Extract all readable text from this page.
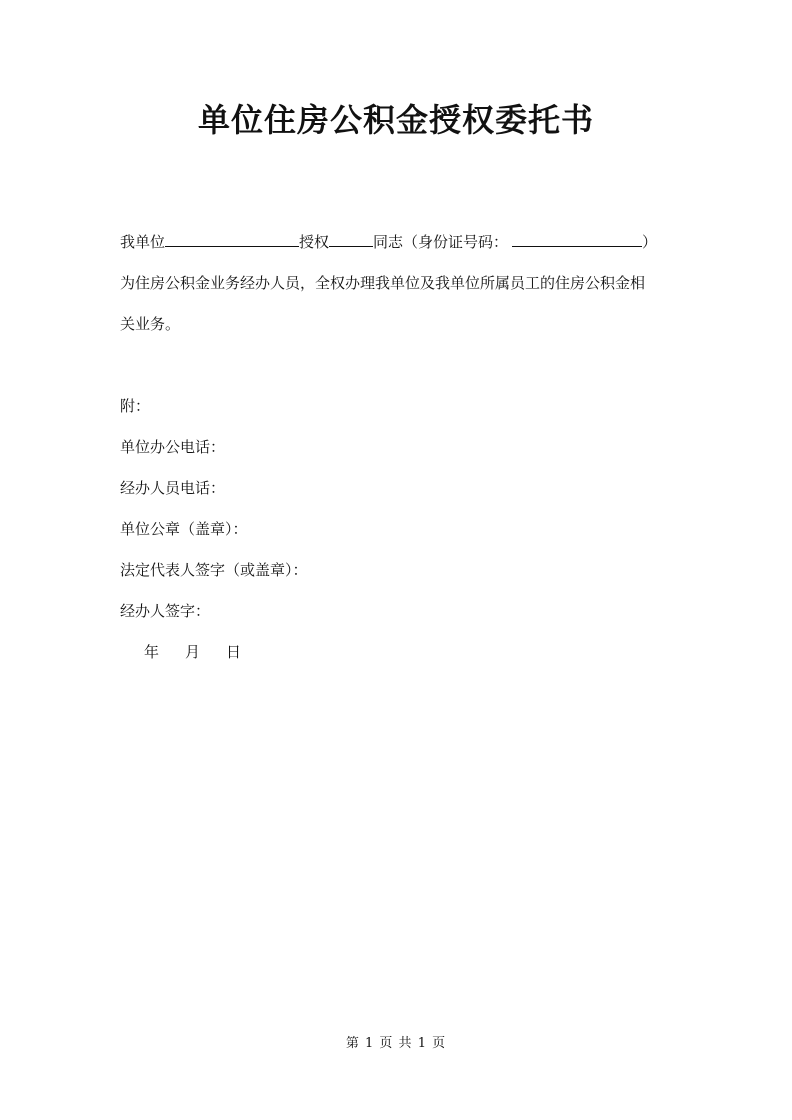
单位住房公积金授权委托书
我单位	授权	同志（身份证号码：	）
为住房公积金业务经办人员，全权办理我单位及我单位所属员工的住房公积金相
关业务。
附：
单位办公电话：
经办人员电话：
单位公章（盖章）：
法定代表人签字（或盖章）：
经办人签字：
年 月 日
第 1 页 共 1 页
